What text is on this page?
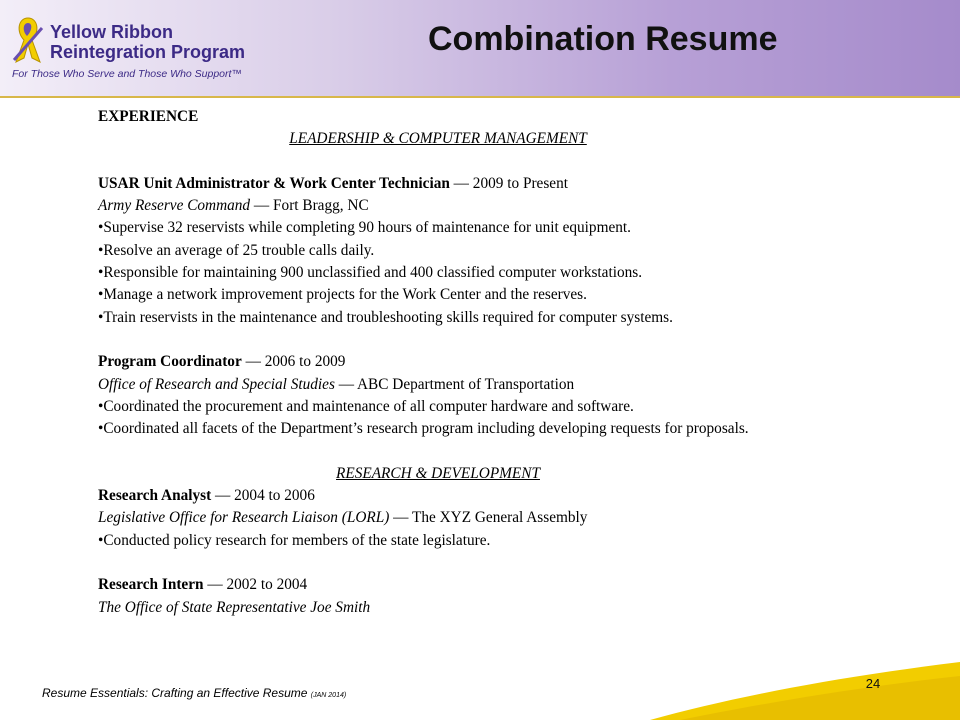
Yellow Ribbon
Reintegration Program
For Those Who Serve and Those Who Support™
Combination Resume

EXPERIENCE

LEADERSHIP & COMPUTER MANAGEMENT

USAR Unit Administrator & Work Center Technician — 2009 to Present

Army Reserve Command — Fort Bragg, NC

•Supervise 32 reservists while completing 90 hours of maintenance for unit equipment.

•Resolve an average of 25 trouble calls daily.

•Responsible for maintaining 900 unclassified and 400 classified computer workstations.

•Manage a network improvement projects for the Work Center and the reserves.

•Train reservists in the maintenance and troubleshooting skills required for computer systems.

Program Coordinator — 2006 to 2009

Office of Research and Special Studies — ABC Department of Transportation

•Coordinated the procurement and maintenance of all computer hardware and software.

•Coordinated all facets of the Department’s research program including developing requests for proposals.

RESEARCH & DEVELOPMENT

Research Analyst — 2004 to 2006

Legislative Office for Research Liaison (LORL) — The XYZ General Assembly

•Conducted policy research for members of the state legislature.

Research Intern — 2002 to 2004

The Office of State Representative Joe Smith

24
Resume Essentials: Crafting an Effective Resume (JAN 2014)
